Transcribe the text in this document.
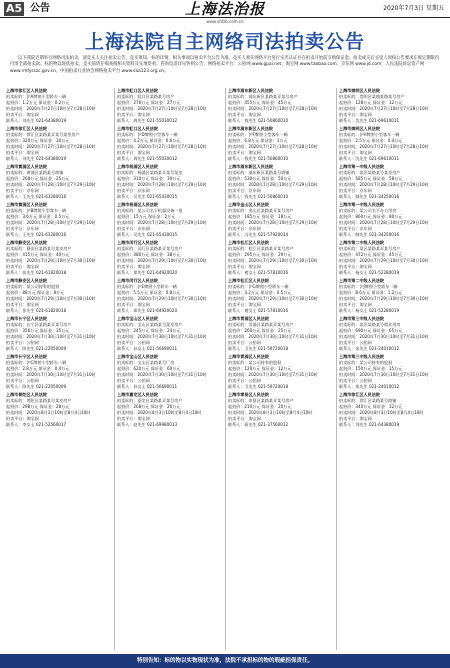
A5 公告	上海法治报	2020年7月3日 星期五
www.shfzb.com.cn
上海法院自主网络司法拍卖公告
以下我院近期举行网络司法拍卖，请竞买人关注拍卖公告、竞买须知，标的详情，相关事项以拍卖平台公告为准。竞买人须在网络平台进行实名认证并在拍卖开始前交纳保证金，拍卖成交后买受人须按公告要求在规定期限内付清全部拍卖款。标的物以现状拍卖，竞买前请仔细查阅相关资料及实地察看。咨询电话详见各则公告，网络拍卖平台：公拍网 www.gpai.net、淘宝网 www.taobao.com、京东网 www.jd.com、人民法院诉讼资产网 www.rmfysszc.gov.cn、中国拍卖行业协会网络拍卖平台 www.caa123.org.cn。
上海市徐汇区人民法院
拍卖标的：沪A牌照小型轿车一辆
起拍价：1.2万元 保证金：0.2万元
拍卖时间：2020年7月27日10时至7月28日10时
拍卖平台：淘宝网
联系人：刘先生 021-64380019
上海市徐汇区人民法院
拍卖标的：徐汇区某路某弄某号某室房产
起拍价：320万元 保证金：30万元
拍卖时间：2020年7月27日10时至7月28日10时
拍卖平台：淘宝网
联系人：刘先生 021-64380019
上海市黄浦区人民法院
拍卖标的：黄浦区某路某号商铺
起拍价：268万元 保证金：25万元
拍卖时间：2020年7月28日10时至7月29日10时
拍卖平台：京东网
联系人：王先生 021-63280016
上海市黄浦区人民法院
拍卖标的：沪B牌照小型客车一辆
起拍价：3.6万元 保证金：0.5万元
拍卖时间：2020年7月28日10时至7月29日10时
拍卖平台：京东网
联系人：王先生 021-63280016
上海市静安区人民法院
拍卖标的：静安区某路某号某室房产
起拍价：415万元 保证金：40万元
拍卖时间：2020年7月29日10时至7月30日10时
拍卖平台：淘宝网
联系人：张先生 021-61820018
上海市静安区人民法院
拍卖标的：某公司持有的股权
起拍价：88万元 保证金：8万元
拍卖时间：2020年7月29日10时至7月30日10时
拍卖平台：淘宝网
联系人：张先生 021-61820018
上海市长宁区人民法院
拍卖标的：长宁区某路某弄某号房产
起拍价：356万元 保证金：35万元
拍卖时间：2020年7月30日10时至7月31日10时
拍卖平台：公拍网
联系人：陈先生 021-22050009
上海市长宁区人民法院
拍卖标的：沪C牌照小型轿车一辆
起拍价：2.8万元 保证金：0.4万元
拍卖时间：2020年7月30日10时至7月31日10时
拍卖平台：公拍网
联系人：陈先生 021-22050009
上海市普陀区人民法院
拍卖标的：普陀区某路某号某室房产
起拍价：298万元 保证金：28万元
拍卖时间：2020年8月3日10时至8月4日10时
拍卖平台：淘宝网
联系人：李女士 021-52560017
上海市虹口区人民法院
拍卖标的：虹口区某路某号房产
起拍价：276万元 保证金：27万元
拍卖时间：2020年7月27日10时至7月28日10时
拍卖平台：淘宝网
联系人：周先生 021-55030012
上海市虹口区人民法院
拍卖标的：沪D牌照小型客车一辆
起拍价：4.2万元 保证金：0.6万元
拍卖时间：2020年7月27日10时至7月28日10时
拍卖平台：淘宝网
联系人：周先生 021-55030012
上海市杨浦区人民法院
拍卖标的：杨浦区某路某弄某号某室
起拍价：310万元 保证金：30万元
拍卖时间：2020年7月28日10时至7月29日10时
拍卖平台：京东网
联系人：吴先生 021-65430015
上海市杨浦区人民法院
拍卖标的：某公司名下机器设备一批
起拍价：15万元 保证金：2万元
拍卖时间：2020年7月28日10时至7月29日10时
拍卖平台：京东网
联系人：吴先生 021-65430015
上海市闵行区人民法院
拍卖标的：闵行区某路某弄某号房产
起拍价：380万元 保证金：38万元
拍卖时间：2020年7月29日10时至7月30日10时
拍卖平台：淘宝网
联系人：郑先生 021-64920020
上海市闵行区人民法院
拍卖标的：沪E牌照小型轿车一辆
起拍价：5.5万元 保证金：0.8万元
拍卖时间：2020年7月29日10时至7月30日10时
拍卖平台：淘宝网
联系人：郑先生 021-64920020
上海市宝山区人民法院
拍卖标的：宝山区某路某号某室房产
起拍价：245万元 保证金：24万元
拍卖时间：2020年7月30日10时至7月31日10时
拍卖平台：公拍网
联系人：孙女士 021-56690011
上海市宝山区人民法院
拍卖标的：宝山区某路某号厂房
起拍价：620万元 保证金：60万元
拍卖时间：2020年7月30日10时至7月31日10时
拍卖平台：公拍网
联系人：孙女士 021-56690011
上海市嘉定区人民法院
拍卖标的：嘉定区某路某弄某号房产
起拍价：268万元 保证金：26万元
拍卖时间：2020年8月3日10时至8月4日10时
拍卖平台：淘宝网
联系人：赵先生 021-69980013
上海市浦东新区人民法院
拍卖标的：浦东新区某路某弄某号房产
起拍价：455万元 保证金：45万元
拍卖时间：2020年7月27日10时至7月28日10时
拍卖平台：淘宝网
联系人：钱先生 021-50860010
上海市浦东新区人民法院
拍卖标的：沪F牌照小型客车一辆
起拍价：6.8万元 保证金：1万元
拍卖时间：2020年7月27日10时至7月28日10时
拍卖平台：淘宝网
联系人：钱先生 021-50860010
上海市浦东新区人民法院
拍卖标的：浦东新区某路某号商铺
起拍价：530万元 保证金：50万元
拍卖时间：2020年7月28日10时至7月29日10时
拍卖平台：京东网
联系人：钱先生 021-50860010
上海市金山区人民法院
拍卖标的：金山区某路某弄某号房产
起拍价：185万元 保证金：18万元
拍卖时间：2020年7月28日10时至7月29日10时
拍卖平台：京东网
联系人：冯先生 021-57920014
上海市松江区人民法院
拍卖标的：松江区某路某弄某号房产
起拍价：295万元 保证金：29万元
拍卖时间：2020年7月29日10时至7月30日10时
拍卖平台：淘宝网
联系人：褚女士 021-57810016
上海市松江区人民法院
拍卖标的：沪G牌照小型轿车一辆
起拍价：3.2万元 保证金：0.5万元
拍卖时间：2020年7月29日10时至7月30日10时
拍卖平台：淘宝网
联系人：褚女士 021-57810016
上海市青浦区人民法院
拍卖标的：青浦区某路某弄某号房产
起拍价：260万元 保证金：25万元
拍卖时间：2020年7月30日10时至7月31日10时
拍卖平台：公拍网
联系人：卫先生 021-59720018
上海市青浦区人民法院
拍卖标的：某公司持有的股权
起拍价：120万元 保证金：12万元
拍卖时间：2020年7月30日10时至7月31日10时
拍卖平台：公拍网
联系人：卫先生 021-59720018
上海市奉贤区人民法院
拍卖标的：奉贤区某路某弄某号房产
起拍价：210万元 保证金：20万元
拍卖时间：2020年8月3日10时至8月4日10时
拍卖平台：淘宝网
联系人：蒋先生 021-37560012
上海市崇明区人民法院
拍卖标的：崇明区某镇某路某号房产
起拍价：128万元 保证金：12万元
拍卖时间：2020年7月27日10时至7月28日10时
拍卖平台：淘宝网
联系人：沈先生 021-69610011
上海市崇明区人民法院
拍卖标的：沪H牌照小型客车一辆
起拍价：2.5万元 保证金：0.4万元
拍卖时间：2020年7月27日10时至7月28日10时
拍卖平台：淘宝网
联系人：沈先生 021-69610011
上海市第一中级人民法院
拍卖标的：某区某路某号某室房产
起拍价：585万元 保证金：58万元
拍卖时间：2020年7月28日10时至7月29日10时
拍卖平台：京东网
联系人：韩先生 021-34250016
上海市第一中级人民法院
拍卖标的：某公司名下办公用房
起拍价：860万元 保证金：80万元
拍卖时间：2020年7月28日10时至7月29日10时
拍卖平台：京东网
联系人：韩先生 021-34250016
上海市第二中级人民法院
拍卖标的：某区某路某弄某号房产
起拍价：472万元 保证金：45万元
拍卖时间：2020年7月29日10时至7月30日10时
拍卖平台：淘宝网
联系人：杨女士 021-52280019
上海市第二中级人民法院
拍卖标的：沪J牌照小型轿车一辆
起拍价：8.6万元 保证金：1.2万元
拍卖时间：2020年7月29日10时至7月30日10时
拍卖平台：淘宝网
联系人：杨女士 021-52280019
上海市第三中级人民法院
拍卖标的：某区某路某号商业用房
起拍价：690万元 保证金：65万元
拍卖时间：2020年7月30日10时至7月31日10时
拍卖平台：公拍网
联系人：朱先生 021-24010012
上海市第三中级人民法院
拍卖标的：某公司持有的股权
起拍价：150万元 保证金：15万元
拍卖时间：2020年7月30日10时至7月31日10时
拍卖平台：公拍网
联系人：朱先生 021-24010012
上海市徐汇区人民法院
拍卖标的：徐汇区某路某号商铺
起拍价：340万元 保证金：32万元
拍卖时间：2020年8月3日10时至8月4日10时
拍卖平台：淘宝网
联系人：刘先生 021-64380019
特别告知：标的物以实物现状为准，法院不承担标的物的瑕疵担保责任。
